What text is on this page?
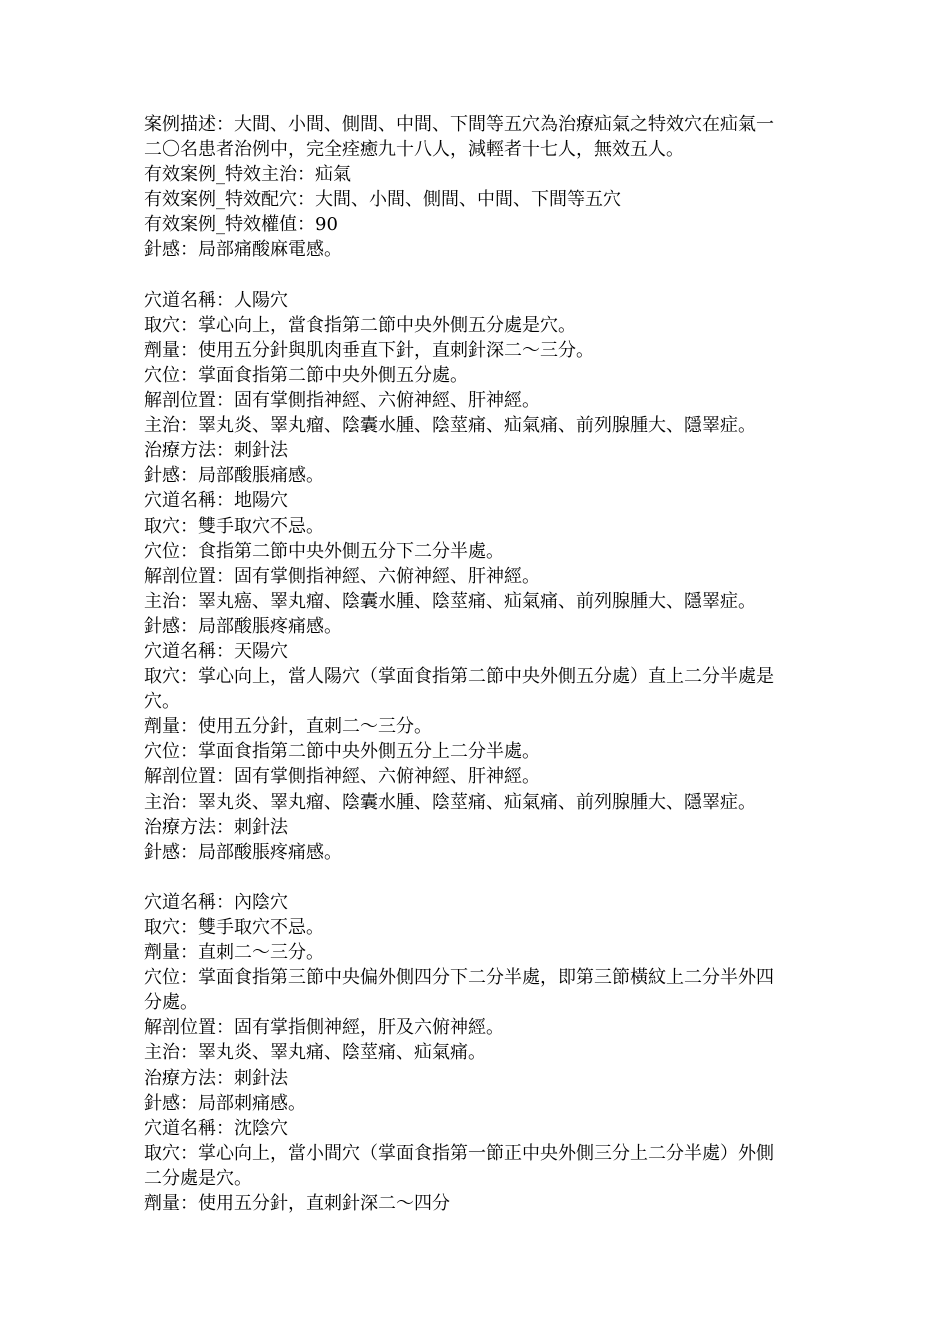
案例描述：大間、小間、側間、中間、下間等五穴為治療疝氣之特效穴在疝氣一
二〇名患者治例中，完全痊癒九十八人，減輕者十七人，無效五人。
有效案例_特效主治：疝氣
有效案例_特效配穴：大間、小間、側間、中間、下間等五穴
有效案例_特效權值：90
針感：局部痛酸麻電感。
穴道名稱：人陽穴
取穴：掌心向上，當食指第二節中央外側五分處是穴。
劑量：使用五分針與肌肉垂直下針，直刺針深二～三分。
穴位：掌面食指第二節中央外側五分處。
解剖位置：固有掌側指神經、六俯神經、肝神經。
主治：睪丸炎、睪丸瘤、陰囊水腫、陰莖痛、疝氣痛、前列腺腫大、隱睪症。
治療方法：刺針法
針感：局部酸脹痛感。
穴道名稱：地陽穴
取穴：雙手取穴不忌。
穴位：食指第二節中央外側五分下二分半處。
解剖位置：固有掌側指神經、六俯神經、肝神經。
主治：睪丸癌、睪丸瘤、陰囊水腫、陰莖痛、疝氣痛、前列腺腫大、隱睪症。
針感：局部酸脹疼痛感。
穴道名稱：天陽穴
取穴：掌心向上，當人陽穴（掌面食指第二節中央外側五分處）直上二分半處是
穴。
劑量：使用五分針，直刺二～三分。
穴位：掌面食指第二節中央外側五分上二分半處。
解剖位置：固有掌側指神經、六俯神經、肝神經。
主治：睪丸炎、睪丸瘤、陰囊水腫、陰莖痛、疝氣痛、前列腺腫大、隱睪症。
治療方法：刺針法
針感：局部酸脹疼痛感。
穴道名稱：內陰穴
取穴：雙手取穴不忌。
劑量：直刺二～三分。
穴位：掌面食指第三節中央偏外側四分下二分半處，即第三節橫紋上二分半外四
分處。
解剖位置：固有掌指側神經，肝及六俯神經。
主治：睪丸炎、睪丸痛、陰莖痛、疝氣痛。
治療方法：刺針法
針感：局部刺痛感。
穴道名稱：沈陰穴
取穴：掌心向上，當小間穴（掌面食指第一節正中央外側三分上二分半處）外側
二分處是穴。
劑量：使用五分針，直刺針深二～四分
